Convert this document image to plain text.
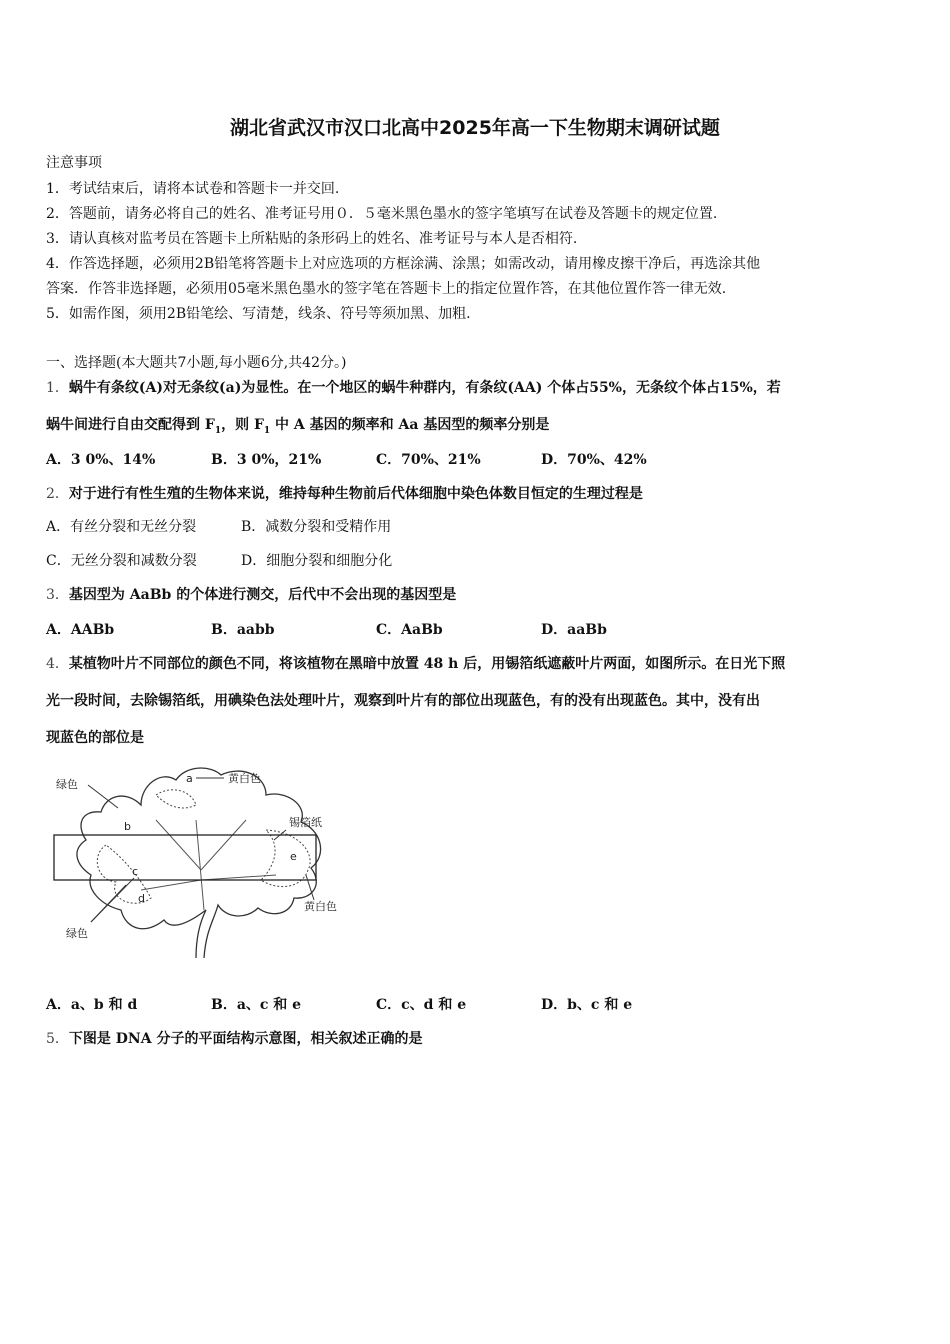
湖北省武汉市汉口北高中2025年高一下生物期末调研试题
注意事项
1．考试结束后，请将本试卷和答题卡一并交回.
2．答题前，请务必将自己的姓名、准考证号用０．５毫米黑色墨水的签字笔填写在试卷及答题卡的规定位置.
3．请认真核对监考员在答题卡上所粘贴的条形码上的姓名、准考证号与本人是否相符.
4．作答选择题，必须用2B铅笔将答题卡上对应选项的方框涂满、涂黑；如需改动，请用橡皮擦干净后，再选涂其他
答案．作答非选择题，必须用05毫米黑色墨水的签字笔在答题卡上的指定位置作答，在其他位置作答一律无效.
5．如需作图，须用2B铅笔绘、写清楚，线条、符号等须加黑、加粗.
一、选择题(本大题共7小题,每小题6分,共42分。)
1．蜗牛有条纹(A)对无条纹(a)为显性。在一个地区的蜗牛种群内，有条纹(AA) 个体占55%，无条纹个体占15%，若
蜗牛间进行自由交配得到 $F_1$，则 $F_1$ 中 A 基因的频率和 Aa 基因型的频率分别是
A．3 0%、14%	B．3 0%，21%	C．70%、21%	D．70%、42%
2．对于进行有性生殖的生物体来说，维持每种生物前后代体细胞中染色体数目恒定的生理过程是
A．有丝分裂和无丝分裂	B．减数分裂和受精作用
C．无丝分裂和减数分裂	D．细胞分裂和细胞分化
3．基因型为 AaBb 的个体进行测交，后代中不会出现的基因型是
A．AABb	B．aabb	C．AaBb	D．aaBb
4．某植物叶片不同部位的颜色不同，将该植物在黑暗中放置 48 h 后，用锡箔纸遮蔽叶片两面，如图所示。在日光下照
光一段时间，去除锡箔纸，用碘染色法处理叶片，观察到叶片有的部位出现蓝色，有的没有出现蓝色。其中，没有出
现蓝色的部位是
绿色	a	黄白色
b	锡箔纸
e
c
d
黄白色
绿色
A．a、b 和 d	B．a、c 和 e	C．c、d 和 e	D．b、c 和 e
5．下图是 DNA 分子的平面结构示意图，相关叙述正确的是
